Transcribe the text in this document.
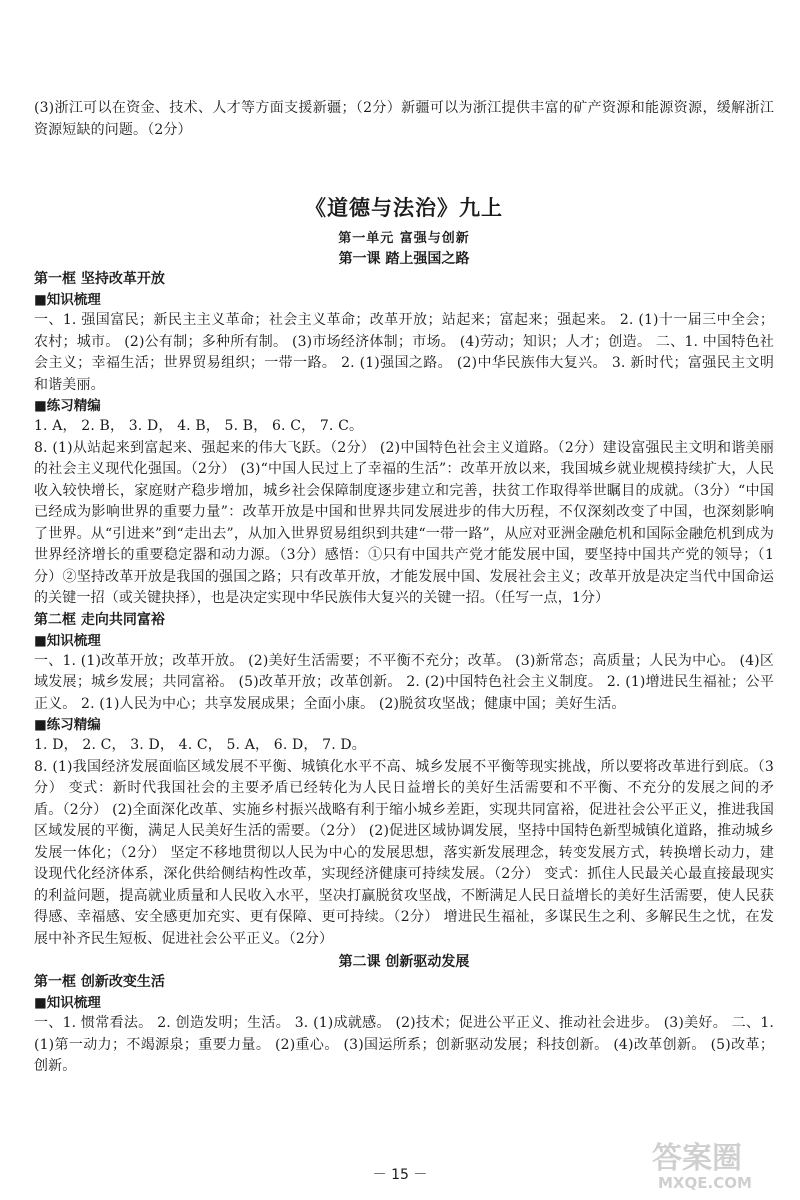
(3)浙江可以在资金、技术、人才等方面支援新疆；（2分）新疆可以为浙江提供丰富的矿产资源和能源资源，缓解浙江资源短缺的问题。（2分）

《道德与法治》九上
第一单元 富强与创新
第一课 踏上强国之路
第一框 坚持改革开放
■知识梳理

一、1. 强国富民；新民主主义革命；社会主义革命；改革开放；站起来；富起来；强起来。 2. (1)十一届三中全会；农村；城市。 (2)公有制；多种所有制。 (3)市场经济体制；市场。 (4)劳动；知识；人才；创造。 二、1. 中国特色社会主义；幸福生活；世界贸易组织；一带一路。 2. (1)强国之路。 (2)中华民族伟大复兴。 3. 新时代；富强民主文明和谐美丽。

■练习精编

1. A， 2. B， 3. D， 4. B， 5. B， 6. C， 7. C。

8. (1)从站起来到富起来、强起来的伟大飞跃。（2分） (2)中国特色社会主义道路。（2分）建设富强民主文明和谐美丽的社会主义现代化强国。（2分） (3)“中国人民过上了幸福的生活”：改革开放以来，我国城乡就业规模持续扩大，人民收入较快增长，家庭财产稳步增加，城乡社会保障制度逐步建立和完善，扶贫工作取得举世瞩目的成就。（3分）“中国已经成为影响世界的重要力量”：改革开放是中国和世界共同发展进步的伟大历程，不仅深刻改变了中国，也深刻影响了世界。从“引进来”到“走出去”，从加入世界贸易组织到共建“一带一路”，从应对亚洲金融危机和国际金融危机到成为世界经济增长的重要稳定器和动力源。（3分）感悟：①只有中国共产党才能发展中国，要坚持中国共产党的领导；（1分）②坚持改革开放是我国的强国之路；只有改革开放，才能发展中国、发展社会主义；改革开放是决定当代中国命运的关键一招（或关键抉择），也是决定实现中华民族伟大复兴的关键一招。（任写一点，1分）

第二框 走向共同富裕
■知识梳理

一、1. (1)改革开放；改革开放。 (2)美好生活需要；不平衡不充分；改革。 (3)新常态；高质量；人民为中心。 (4)区域发展；城乡发展；共同富裕。 (5)改革开放；改革创新。 2. (2)中国特色社会主义制度。 2. (1)增进民生福祉；公平正义。 2. (1)人民为中心；共享发展成果；全面小康。 (2)脱贫攻坚战；健康中国；美好生活。

■练习精编

1. D， 2. C， 3. D， 4. C， 5. A， 6. D， 7. D。

8. (1)我国经济发展面临区域发展不平衡、城镇化水平不高、城乡发展不平衡等现实挑战，所以要将改革进行到底。（3分） 变式：新时代我国社会的主要矛盾已经转化为人民日益增长的美好生活需要和不平衡、不充分的发展之间的矛盾。（2分） (2)全面深化改革、实施乡村振兴战略有利于缩小城乡差距，实现共同富裕，促进社会公平正义，推进我国区域发展的平衡，满足人民美好生活的需要。（2分） (2)促进区域协调发展，坚持中国特色新型城镇化道路，推动城乡发展一体化；（2分） 坚定不移地贯彻以人民为中心的发展思想，落实新发展理念，转变发展方式，转换增长动力，建设现代化经济体系，深化供给侧结构性改革，实现经济健康可持续发展。（2分） 变式：抓住人民最关心最直接最现实的利益问题，提高就业质量和人民收入水平，坚决打赢脱贫攻坚战，不断满足人民日益增长的美好生活需要，使人民获得感、幸福感、安全感更加充实、更有保障、更可持续。（2分） 增进民生福祉，多谋民生之利、多解民生之忧，在发展中补齐民生短板、促进社会公平正义。（2分）

第二课 创新驱动发展
第一框 创新改变生活
■知识梳理

一、1. 惯常看法。 2. 创造发明；生活。 3. (1)成就感。 (2)技术；促进公平正义、推动社会进步。 (3)美好。 二、1. (1)第一动力；不竭源泉；重要力量。 (2)重心。 (3)国运所系；创新驱动发展；科技创新。 (4)改革创新。 (5)改革；创新。

－ 15 －	答案圈
MXQE.COM
